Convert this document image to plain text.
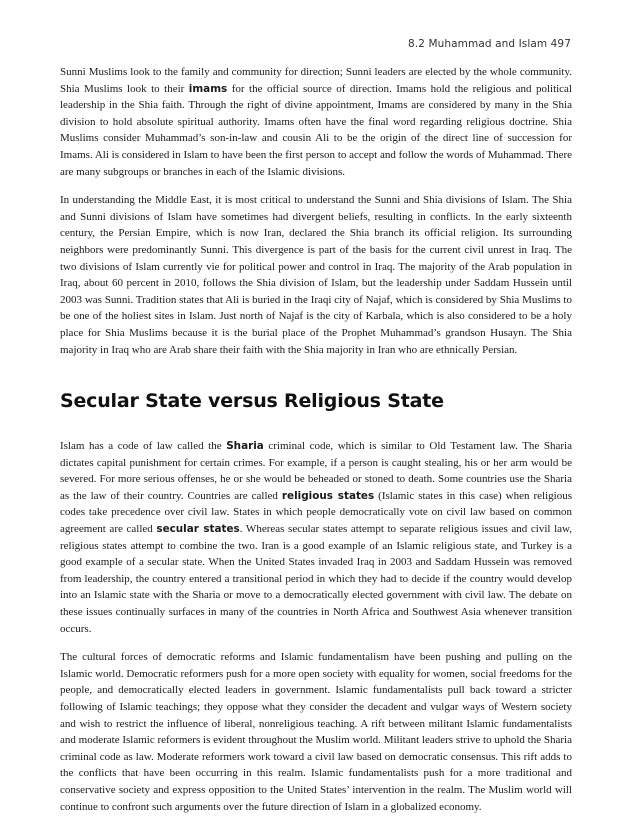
8.2 Muhammad and Islam 497

Sunni Muslims look to the family and community for direction; Sunni leaders are elected by the whole community. Shia Muslims look to their imams for the official source of direction. Imams hold the religious and political leadership in the Shia faith. Through the right of divine appointment, Imams are considered by many in the Shia division to hold absolute spiritual authority. Imams often have the final word regarding religious doctrine. Shia Muslims consider Muhammad’s son-in-law and cousin Ali to be the origin of the direct line of succession for Imams. Ali is considered in Islam to have been the first person to accept and follow the words of Muhammad. There are many subgroups or branches in each of the Islamic divisions.

In understanding the Middle East, it is most critical to understand the Sunni and Shia divisions of Islam. The Shia and Sunni divisions of Islam have sometimes had divergent beliefs, resulting in conflicts. In the early sixteenth century, the Persian Empire, which is now Iran, declared the Shia branch its official religion. Its surrounding neighbors were predominantly Sunni. This divergence is part of the basis for the current civil unrest in Iraq. The two divisions of Islam currently vie for political power and control in Iraq. The majority of the Arab population in Iraq, about 60 percent in 2010, follows the Shia division of Islam, but the leadership under Saddam Hussein until 2003 was Sunni. Tradition states that Ali is buried in the Iraqi city of Najaf, which is considered by Shia Muslims to be one of the holiest sites in Islam. Just north of Najaf is the city of Karbala, which is also considered to be a holy place for Shia Muslims because it is the burial place of the Prophet Muhammad’s grandson Husayn. The Shia majority in Iraq who are Arab share their faith with the Shia majority in Iran who are ethnically Persian.

Secular State versus Religious State

Islam has a code of law called the Sharia criminal code, which is similar to Old Testament law. The Sharia dictates capital punishment for certain crimes. For example, if a person is caught stealing, his or her arm would be severed. For more serious offenses, he or she would be beheaded or stoned to death. Some countries use the Sharia as the law of their country. Countries are called religious states (Islamic states in this case) when religious codes take precedence over civil law. States in which people democratically vote on civil law based on common agreement are called secular states. Whereas secular states attempt to separate religious issues and civil law, religious states attempt to combine the two. Iran is a good example of an Islamic religious state, and Turkey is a good example of a secular state. When the United States invaded Iraq in 2003 and Saddam Hussein was removed from leadership, the country entered a transitional period in which they had to decide if the country would develop into an Islamic state with the Sharia or move to a democratically elected government with civil law. The debate on these issues continually surfaces in many of the countries in North Africa and Southwest Asia whenever transition occurs.

The cultural forces of democratic reforms and Islamic fundamentalism have been pushing and pulling on the Islamic world. Democratic reformers push for a more open society with equality for women, social freedoms for the people, and democratically elected leaders in government. Islamic fundamentalists pull back toward a stricter following of Islamic teachings; they oppose what they consider the decadent and vulgar ways of Western society and wish to restrict the influence of liberal, nonreligious teaching. A rift between militant Islamic fundamentalists and moderate Islamic reformers is evident throughout the Muslim world. Militant leaders strive to uphold the Sharia criminal code as law. Moderate reformers work toward a civil law based on democratic consensus. This rift adds to the conflicts that have been occurring in this realm. Islamic fundamentalists push for a more traditional and conservative society and express opposition to the United States’ intervention in the realm. The Muslim world will continue to confront such arguments over the future direction of Islam in a globalized economy.
